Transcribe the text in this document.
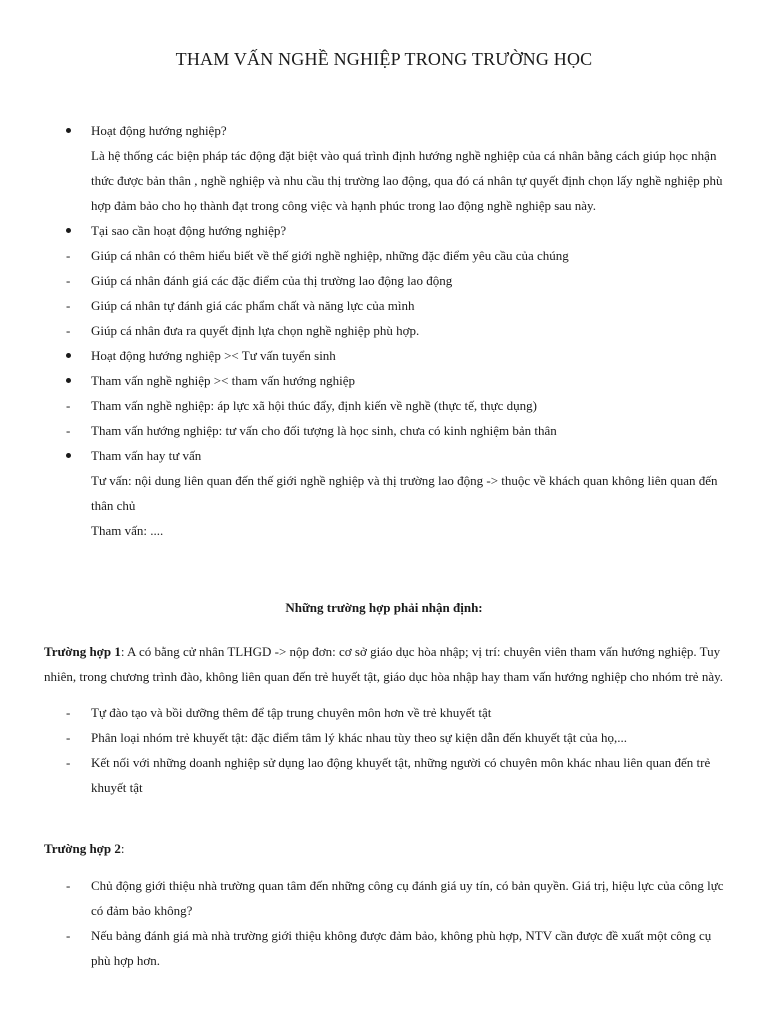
THAM VẤN NGHỀ NGHIỆP TRONG TRƯỜNG HỌC
Hoạt động hướng nghiệp?
Là hệ thống các biện pháp tác động đặt biệt vào quá trình định hướng nghề nghiệp của cá nhân bằng cách giúp học nhận thức được bản thân , nghề nghiệp và nhu cầu thị trường lao động, qua đó cá nhân tự quyết định chọn lấy nghề nghiệp phù hợp đảm bảo cho họ thành đạt trong công việc và hạnh phúc trong lao động nghề nghiệp sau này.
Tại sao cần hoạt động hướng nghiệp?
- Giúp cá nhân có thêm hiểu biết về thế giới nghề nghiệp, những đặc điểm yêu cầu của chúng
- Giúp cá nhân đánh giá các đặc điểm của thị trường lao động lao động
- Giúp cá nhân tự đánh giá các phẩm chất và năng lực của mình
- Giúp cá nhân đưa ra quyết định lựa chọn nghề nghiệp phù hợp.
Hoạt động hướng nghiệp >< Tư vấn tuyển sinh
Tham vấn nghề nghiệp >< tham vấn hướng nghiệp
- Tham vấn nghề nghiệp: áp lực xã hội thúc đẩy, định kiến về nghề (thực tế, thực dụng)
- Tham vấn hướng nghiệp: tư vấn cho đối tượng là học sinh, chưa có kinh nghiệm bản thân
Tham vấn hay tư vấn
Tư vấn: nội dung liên quan đến thế giới nghề nghiệp và thị trường lao động -> thuộc về khách quan không liên quan đến thân chủ
Tham vấn: ....
Những trường hợp phải nhận định:
Trường hợp 1: A có bằng cử nhân TLHGD -> nộp đơn: cơ sở giáo dục hòa nhập; vị trí: chuyên viên tham vấn hướng nghiệp. Tuy nhiên, trong chương trình đào, không liên quan đến trẻ huyết tật, giáo dục hòa nhập hay tham vấn hướng nghiệp cho nhóm trẻ này.
- Tự đào tạo và bồi dưỡng thêm để tập trung chuyên môn hơn về trẻ khuyết tật
- Phân loại nhóm trẻ khuyết tật: đặc điểm tâm lý khác nhau tùy theo sự kiện dẫn đến khuyết tật của họ,...
- Kết nối với những doanh nghiệp sử dụng lao động khuyết tật, những người có chuyên môn khác nhau liên quan đến trẻ khuyết tật
Trường hợp 2:
- Chủ động giới thiệu nhà trường quan tâm đến những công cụ đánh giá uy tín, có bản quyền. Giá trị, hiệu lực của công lực có đảm bảo không?
- Nếu bảng đánh giá mà nhà trường giới thiệu không được đảm bảo, không phù hợp, NTV cần được đề xuất một công cụ phù hợp hơn.
